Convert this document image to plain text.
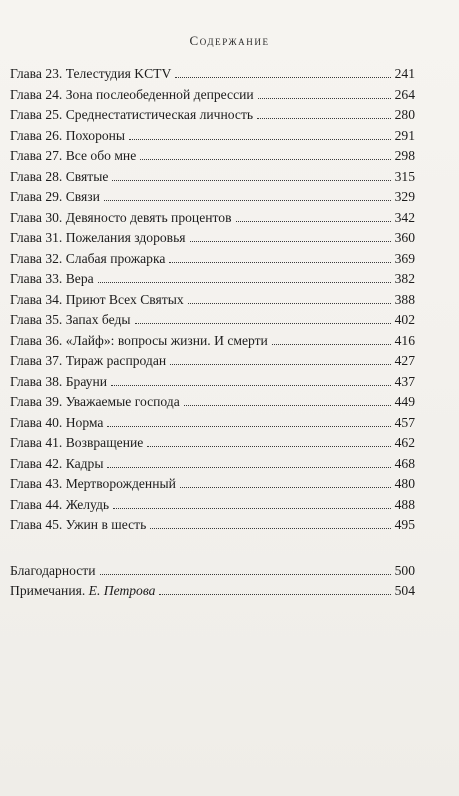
Содержание
Глава 23. Телестудия KCTV	241
Глава 24. Зона послеобеденной депрессии	264
Глава 25. Среднестатистическая личность	280
Глава 26. Похороны	291
Глава 27. Все обо мне	298
Глава 28. Святые	315
Глава 29. Связи	329
Глава 30. Девяносто девять процентов	342
Глава 31. Пожелания здоровья	360
Глава 32. Слабая прожарка	369
Глава 33. Вера	382
Глава 34. Приют Всех Святых	388
Глава 35. Запах беды	402
Глава 36. «Лайф»: вопросы жизни. И смерти	416
Глава 37. Тираж распродан	427
Глава 38. Брауни	437
Глава 39. Уважаемые господа	449
Глава 40. Норма	457
Глава 41. Возвращение	462
Глава 42. Кадры	468
Глава 43. Мертворожденный	480
Глава 44. Желудь	488
Глава 45. Ужин в шесть	495
Благодарности	500
Примечания. Е. Петрова	504
